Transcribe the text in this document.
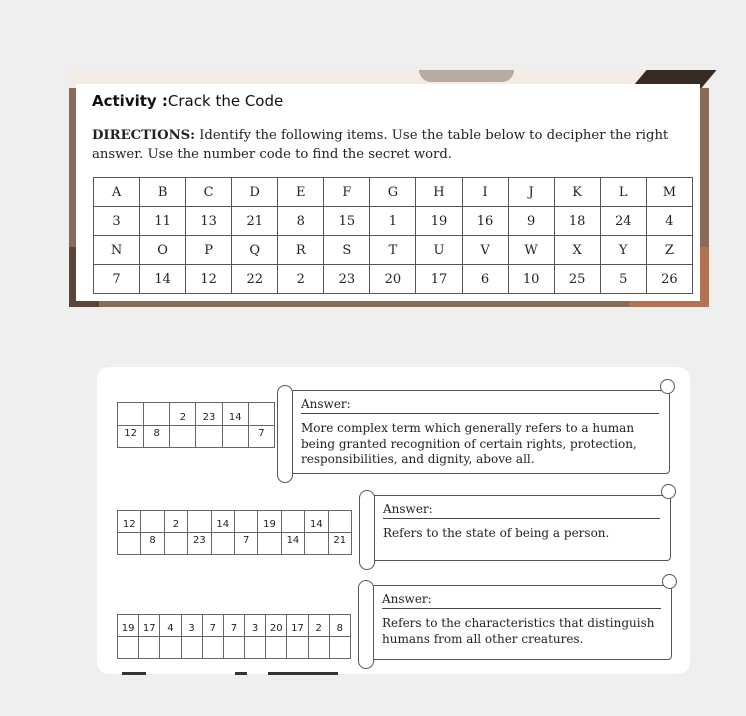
Activity :Crack the Code
DIRECTIONS: Identify the following items. Use the table below to decipher the right answer. Use the number code to find the secret word.
A	B	C	D	E	F	G	H	I	J	K	L	M
3	11	13	21	8	15	1	19	16	9	18	24	4
N	O	P	Q	R	S	T	U	V	W	X	Y	Z
7	14	12	22	2	23	20	17	6	10	25	5	26
		2	23	14	
12	8				7
Answer:
More complex term which generally refers to a human being granted recognition of certain rights, protection, responsibilities, and dignity, above all.
12		2		14		19		14	
	8		23		7		14		21
Answer:
Refers to the state of being a person.
19	17	4	3	7	7	3	20	17	2	8

Answer:
Refers to the characteristics that distinguish humans from all other creatures.
